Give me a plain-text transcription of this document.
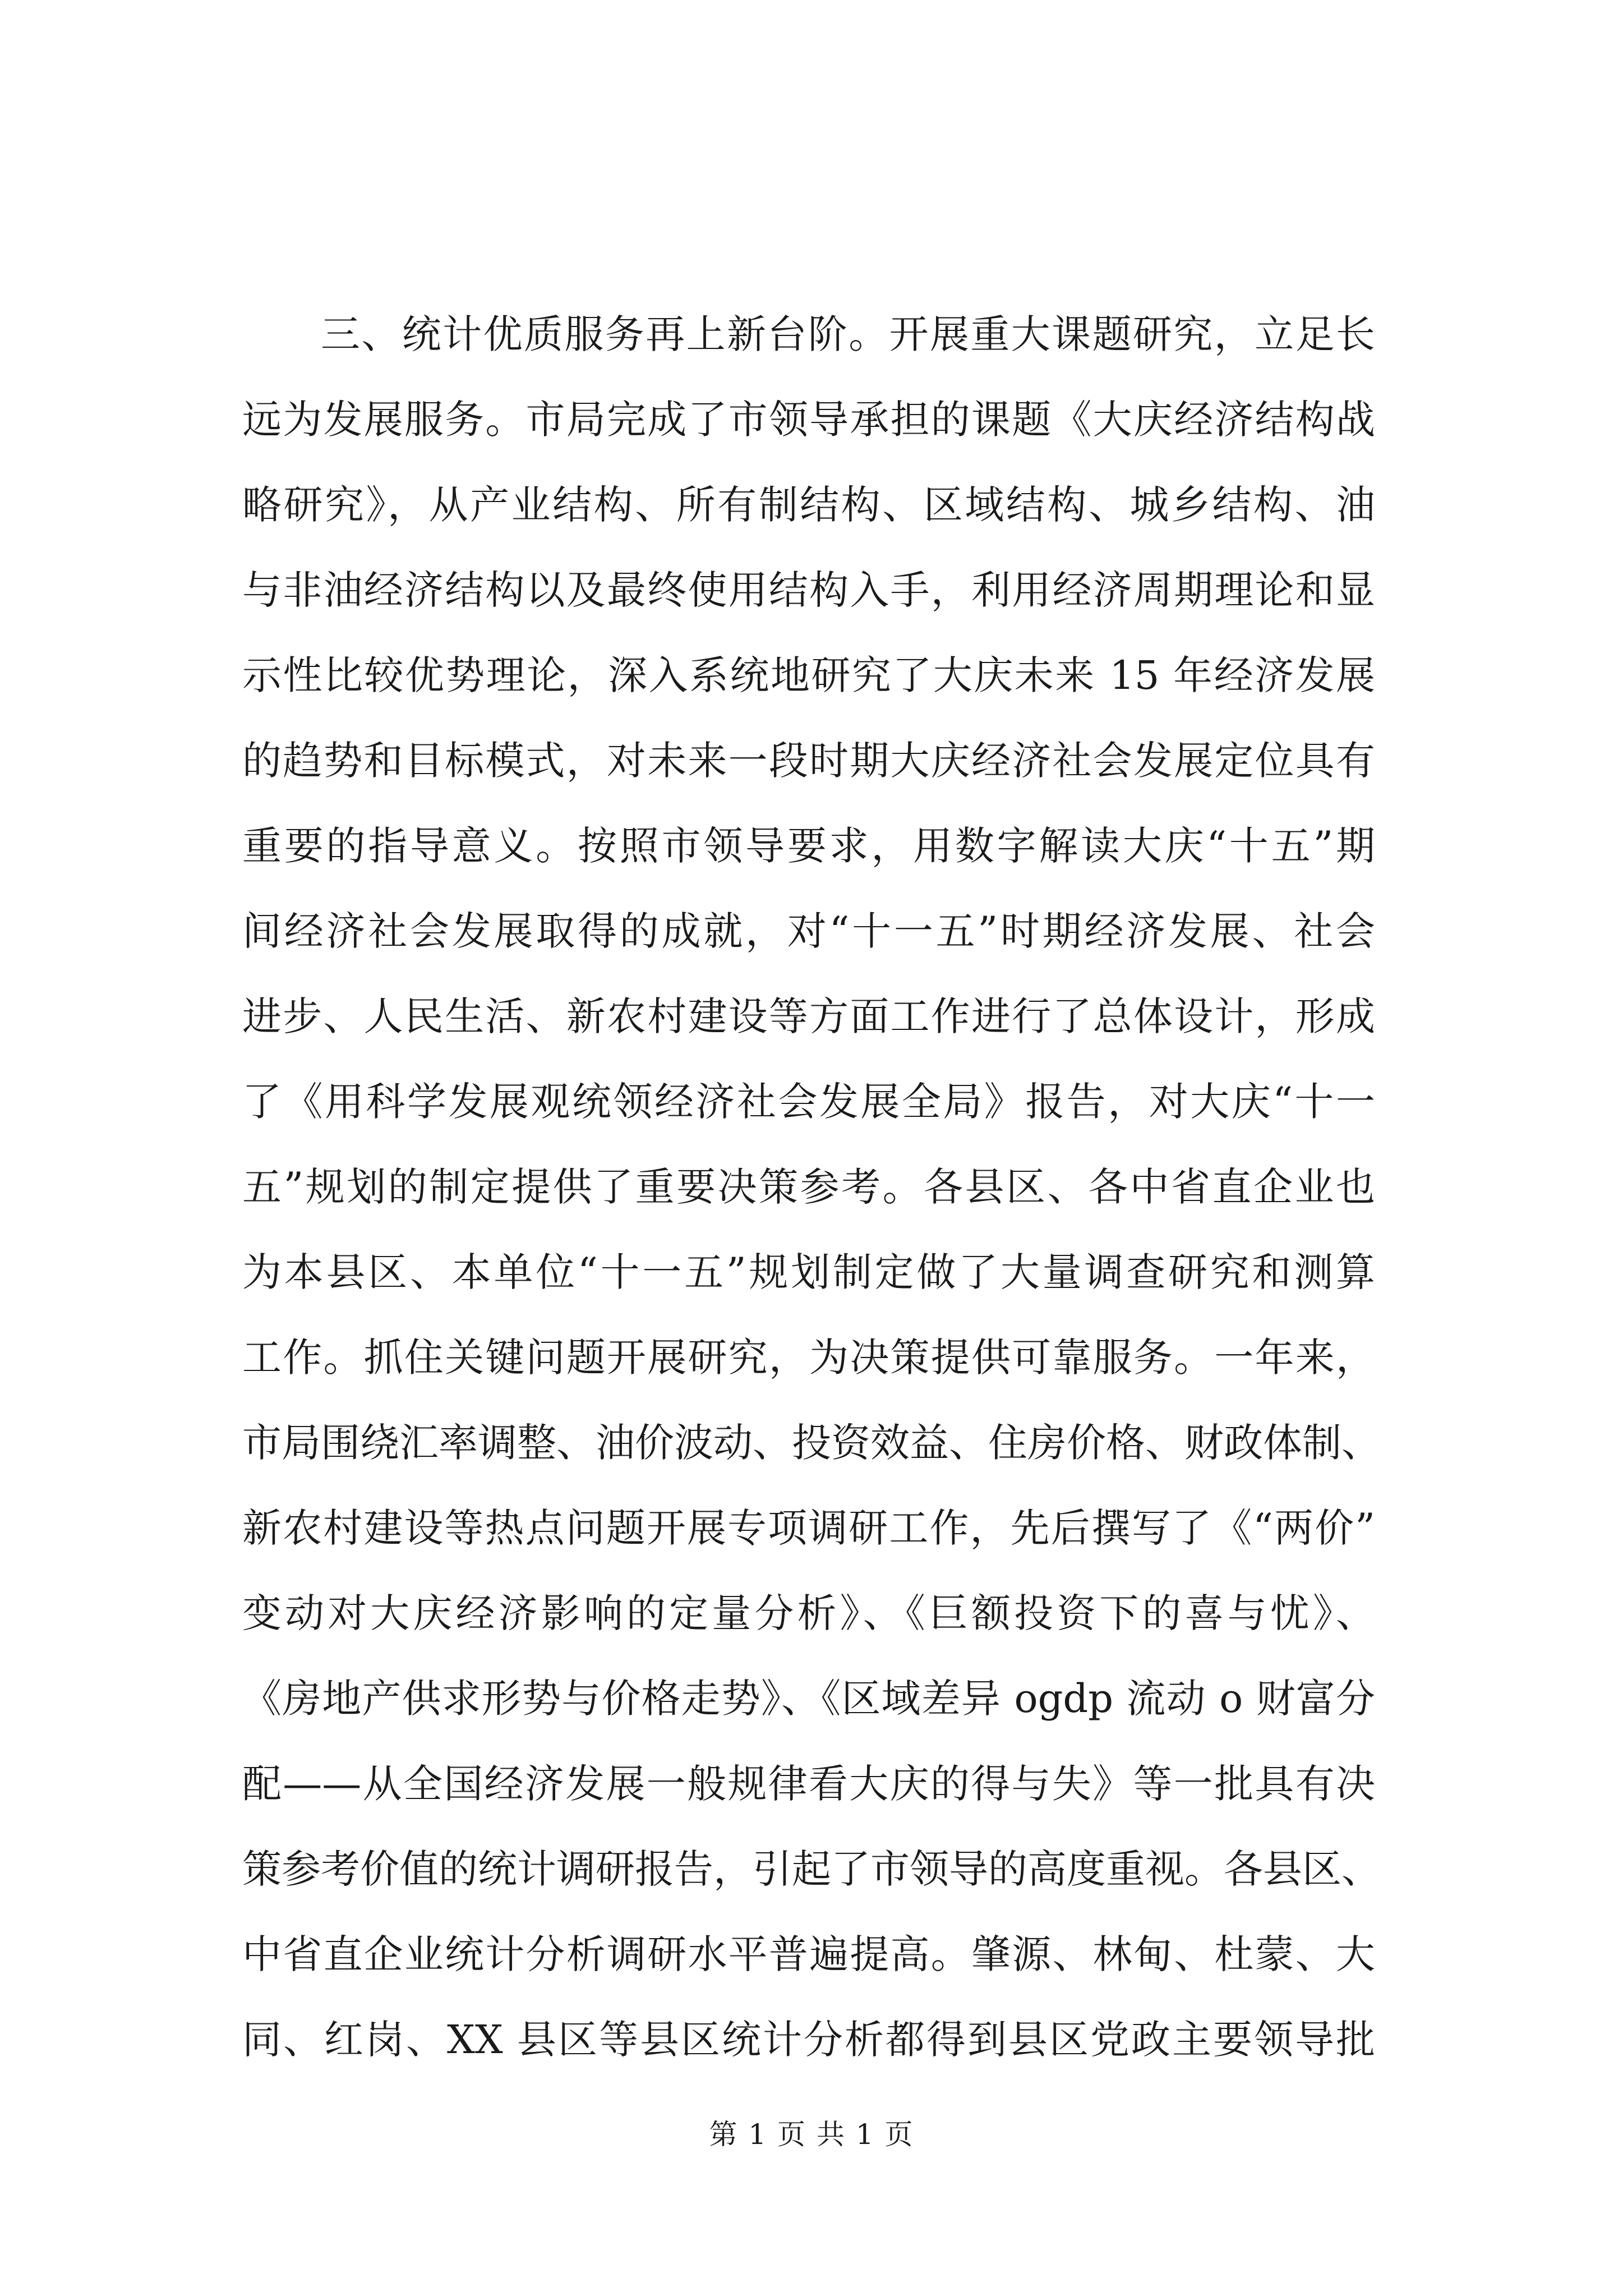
三、统计优质服务再上新台阶。开展重大课题研究，立足长
远为发展服务。市局完成了市领导承担的课题《大庆经济结构战
略研究》，从产业结构、所有制结构、区域结构、城乡结构、油
与非油经济结构以及最终使用结构入手，利用经济周期理论和显
示性比较优势理论，深入系统地研究了大庆未来 15 年经济发展
的趋势和目标模式，对未来一段时期大庆经济社会发展定位具有
重要的指导意义。按照市领导要求，用数字解读大庆“十五”期
间经济社会发展取得的成就，对“十一五”时期经济发展、社会
进步、人民生活、新农村建设等方面工作进行了总体设计，形成
了《用科学发展观统领经济社会发展全局》报告，对大庆“十一
五”规划的制定提供了重要决策参考。各县区、各中省直企业也
为本县区、本单位“十一五”规划制定做了大量调查研究和测算
工作。抓住关键问题开展研究，为决策提供可靠服务。一年来，
市局围绕汇率调整、油价波动、投资效益、住房价格、财政体制、
新农村建设等热点问题开展专项调研工作，先后撰写了《“两价”
变动对大庆经济影响的定量分析》、《巨额投资下的喜与忧》、
《房地产供求形势与价格走势》、《区域差异 ogdp 流动 o 财富分
配——从全国经济发展一般规律看大庆的得与失》等一批具有决
策参考价值的统计调研报告，引起了市领导的高度重视。各县区、
中省直企业统计分析调研水平普遍提高。肇源、林甸、杜蒙、大
同、红岗、XX 县区等县区统计分析都得到县区党政主要领导批
第 1 页 共 1 页
